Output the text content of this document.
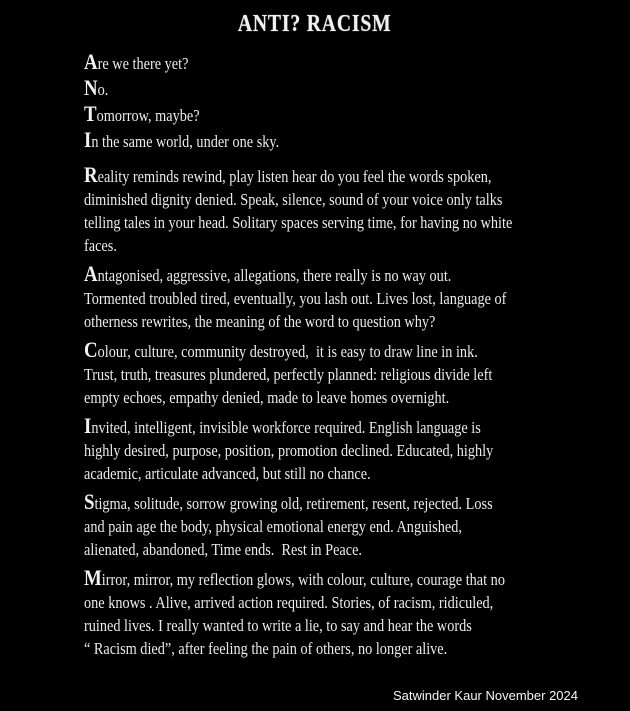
ANTI? RACISM

Are we there yet?
No.
Tomorrow, maybe?
In the same world, under one sky.

Reality reminds rewind, play listen hear do you feel the words spoken,
diminished dignity denied. Speak, silence, sound of your voice only talks
telling tales in your head. Solitary spaces serving time, for having no white
faces.

Antagonised, aggressive, allegations, there really is no way out.
Tormented troubled tired, eventually, you lash out. Lives lost, language of
otherness rewrites, the meaning of the word to question why?

Colour, culture, community destroyed,  it is easy to draw line in ink.
Trust, truth, treasures plundered, perfectly planned: religious divide left
empty echoes, empathy denied, made to leave homes overnight.

Invited, intelligent, invisible workforce required. English language is
highly desired, purpose, position, promotion declined. Educated, highly
academic, articulate advanced, but still no chance.

Stigma, solitude, sorrow growing old, retirement, resent, rejected. Loss
and pain age the body, physical emotional energy end. Anguished,
alienated, abandoned, Time ends.  Rest in Peace.

Mirror, mirror, my reflection glows, with colour, culture, courage that no
one knows . Alive, arrived action required. Stories, of racism, ridiculed,
ruined lives. I really wanted to write a lie, to say and hear the words
“ Racism died”, after feeling the pain of others, no longer alive.

Satwinder Kaur November 2024
